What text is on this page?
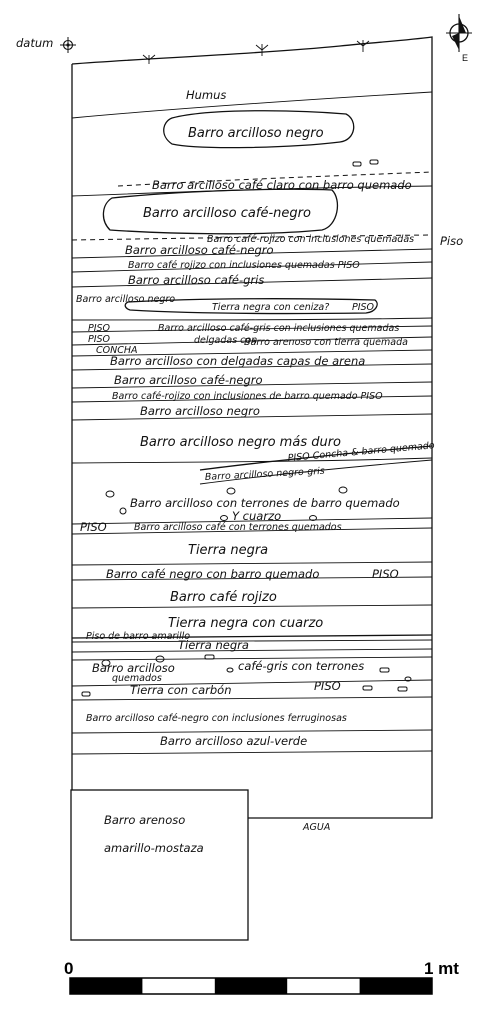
datum
E
Humus
Barro arcilloso negro
Barro arcilloso café claro con barro quemado
Barro arcilloso café-negro
Barro café-rojizo con inclusiones quemadas Piso
Barro arcilloso café-negro
Barro café rojizo con inclusiones quemadas PISO
Barro arcilloso café-gris
Barro arcilloso negro
Tierra negra con ceniza? PISO
PISO	Barro arcilloso café-gris con inclusiones quemadas
PISO	delgadas con
CONCHA
Barro arenoso con tierra quemada
Barro arcilloso con delgadas capas de arena
Barro arcilloso café-negro
Barro café-rojizo con inclusiones de barro quemado PISO
Barro arcilloso negro
Barro arcilloso negro más duro
PISO Concha & barro quemado
Barro arcilloso negro-gris
Barro arcilloso con terrones de barro quemado
Y cuarzo
PISO	Barro arcilloso café con terrones quemados
Tierra negra
Barro café negro con barro quemado	PISO
Barro café rojizo
Tierra negra con cuarzo
Piso de barro amarillo
Tierra negra
Barro arcilloso
quemados
café-gris con terrones
Tierra con carbón	PISO
Barro arcilloso café-negro con inclusiones ferruginosas
Barro arcilloso azul-verde
Barro arenoso
amarillo-mostaza
AGUA
0	1 mt
